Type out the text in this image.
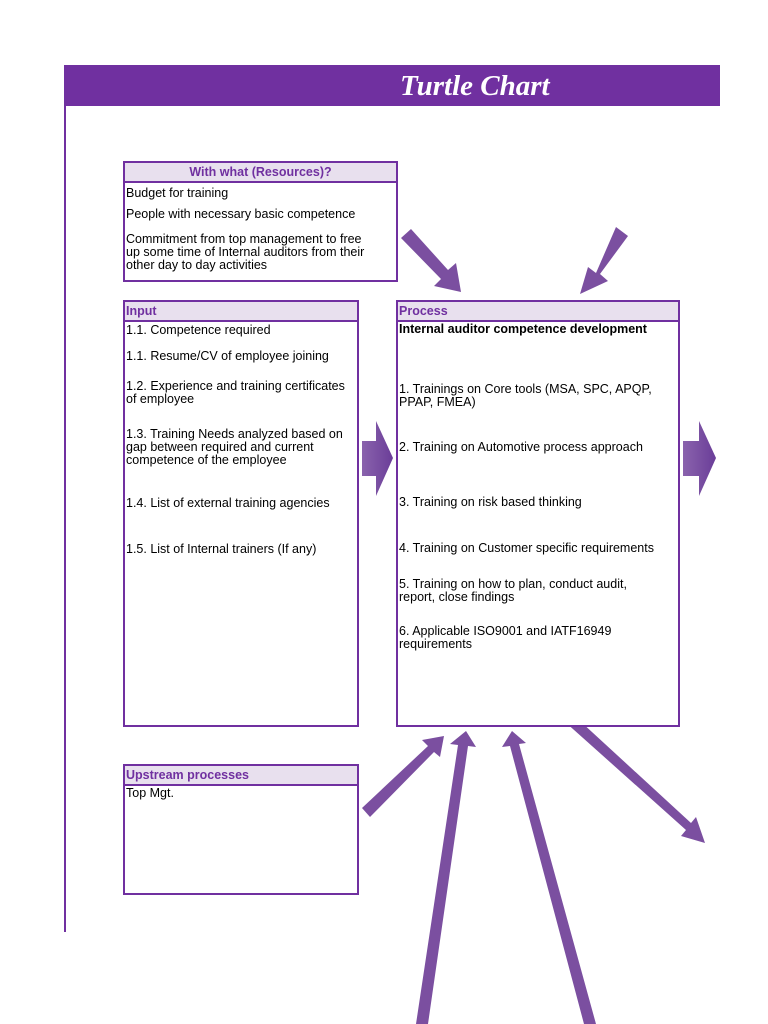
Turtle Chart
With what (Resources)?
Budget for training
People with necessary basic competence
Commitment from top management to free
up some time of Internal auditors from their
other day to day activities
Input
1.1. Competence required
1.1. Resume/CV of employee joining
1.2. Experience and training certificates
of employee
1.3. Training Needs analyzed based on
gap between required and current
competence of the employee
1.4. List of external training agencies
1.5. List of Internal trainers (If any)
Process
Internal auditor competence development
1. Trainings on Core tools (MSA, SPC, APQP,
PPAP, FMEA)
2. Training on Automotive process approach
3. Training on risk based thinking
4. Training on Customer specific requirements
5. Training on how to plan, conduct audit,
report, close findings
6. Applicable ISO9001 and IATF16949
requirements
Upstream processes
Top Mgt.
